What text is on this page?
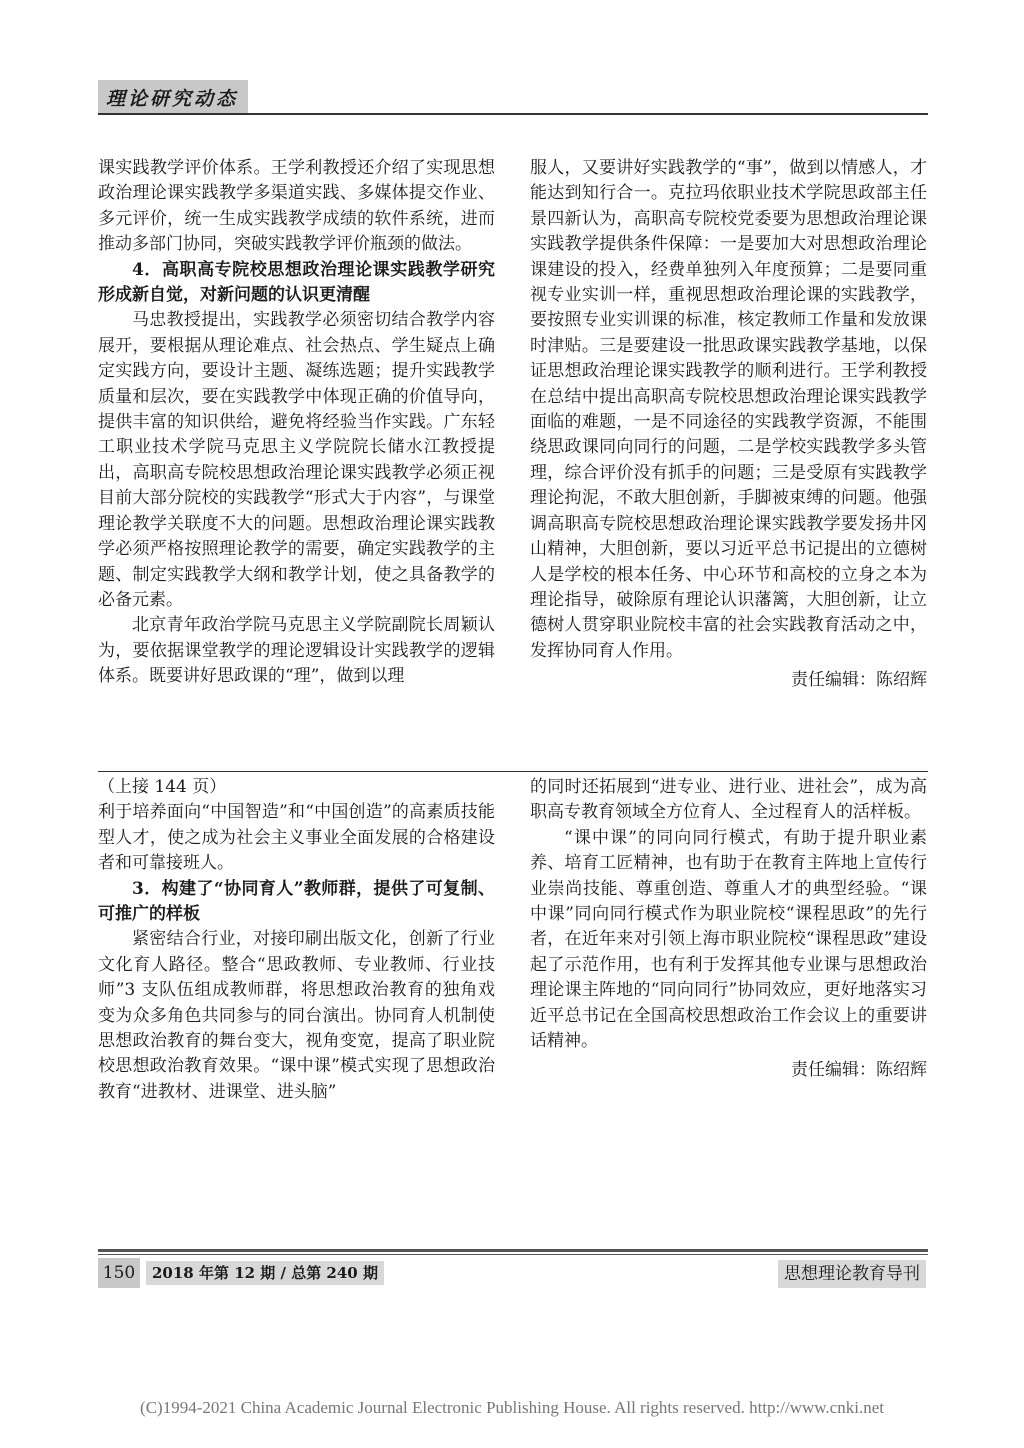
理论研究动态

课实践教学评价体系。王学利教授还介绍了实现思想政治理论课实践教学多渠道实践、多媒体提交作业、多元评价，统一生成实践教学成绩的软件系统，进而推动多部门协同，突破实践教学评价瓶颈的做法。

4．高职高专院校思想政治理论课实践教学研究形成新自觉，对新问题的认识更清醒

马忠教授提出，实践教学必须密切结合教学内容展开，要根据从理论难点、社会热点、学生疑点上确定实践方向，要设计主题、凝练选题；提升实践教学质量和层次，要在实践教学中体现正确的价值导向，提供丰富的知识供给，避免将经验当作实践。广东轻工职业技术学院马克思主义学院院长储水江教授提出，高职高专院校思想政治理论课实践教学必须正视目前大部分院校的实践教学“形式大于内容”，与课堂理论教学关联度不大的问题。思想政治理论课实践教学必须严格按照理论教学的需要，确定实践教学的主题、制定实践教学大纲和教学计划，使之具备教学的必备元素。

北京青年政治学院马克思主义学院副院长周颖认为，要依据课堂教学的理论逻辑设计实践教学的逻辑体系。既要讲好思政课的“理”，做到以理

服人，又要讲好实践教学的“事”，做到以情感人，才能达到知行合一。克拉玛依职业技术学院思政部主任景四新认为，高职高专院校党委要为思想政治理论课实践教学提供条件保障：一是要加大对思想政治理论课建设的投入，经费单独列入年度预算；二是要同重视专业实训一样，重视思想政治理论课的实践教学，要按照专业实训课的标准，核定教师工作量和发放课时津贴。三是要建设一批思政课实践教学基地，以保证思想政治理论课实践教学的顺利进行。王学利教授在总结中提出高职高专院校思想政治理论课实践教学面临的难题，一是不同途径的实践教学资源，不能围绕思政课同向同行的问题，二是学校实践教学多头管理，综合评价没有抓手的问题；三是受原有实践教学理论拘泥，不敢大胆创新，手脚被束缚的问题。他强调高职高专院校思想政治理论课实践教学要发扬井冈山精神，大胆创新，要以习近平总书记提出的立德树人是学校的根本任务、中心环节和高校的立身之本为理论指导，破除原有理论认识藩篱，大胆创新，让立德树人贯穿职业院校丰富的社会实践教育活动之中，发挥协同育人作用。

责任编辑：陈绍辉

（上接 144 页）

利于培养面向“中国智造”和“中国创造”的高素质技能型人才，使之成为社会主义事业全面发展的合格建设者和可靠接班人。

3．构建了“协同育人”教师群，提供了可复制、可推广的样板

紧密结合行业，对接印刷出版文化，创新了行业文化育人路径。整合“思政教师、专业教师、行业技师”3 支队伍组成教师群，将思想政治教育的独角戏变为众多角色共同参与的同台演出。协同育人机制使思想政治教育的舞台变大，视角变宽，提高了职业院校思想政治教育效果。“课中课”模式实现了思想政治教育“进教材、进课堂、进头脑”

的同时还拓展到“进专业、进行业、进社会”，成为高职高专教育领域全方位育人、全过程育人的活样板。

“课中课”的同向同行模式，有助于提升职业素养、培育工匠精神，也有助于在教育主阵地上宣传行业崇尚技能、尊重创造、尊重人才的典型经验。“课中课”同向同行模式作为职业院校“课程思政”的先行者，在近年来对引领上海市职业院校“课程思政”建设起了示范作用，也有利于发挥其他专业课与思想政治理论课主阵地的“同向同行”协同效应，更好地落实习近平总书记在全国高校思想政治工作会议上的重要讲话精神。

责任编辑：陈绍辉

150	2018 年第 12 期 / 总第 240 期	思想理论教育导刊
(C)1994-2021 China Academic Journal Electronic Publishing House. All rights reserved. http://www.cnki.net
